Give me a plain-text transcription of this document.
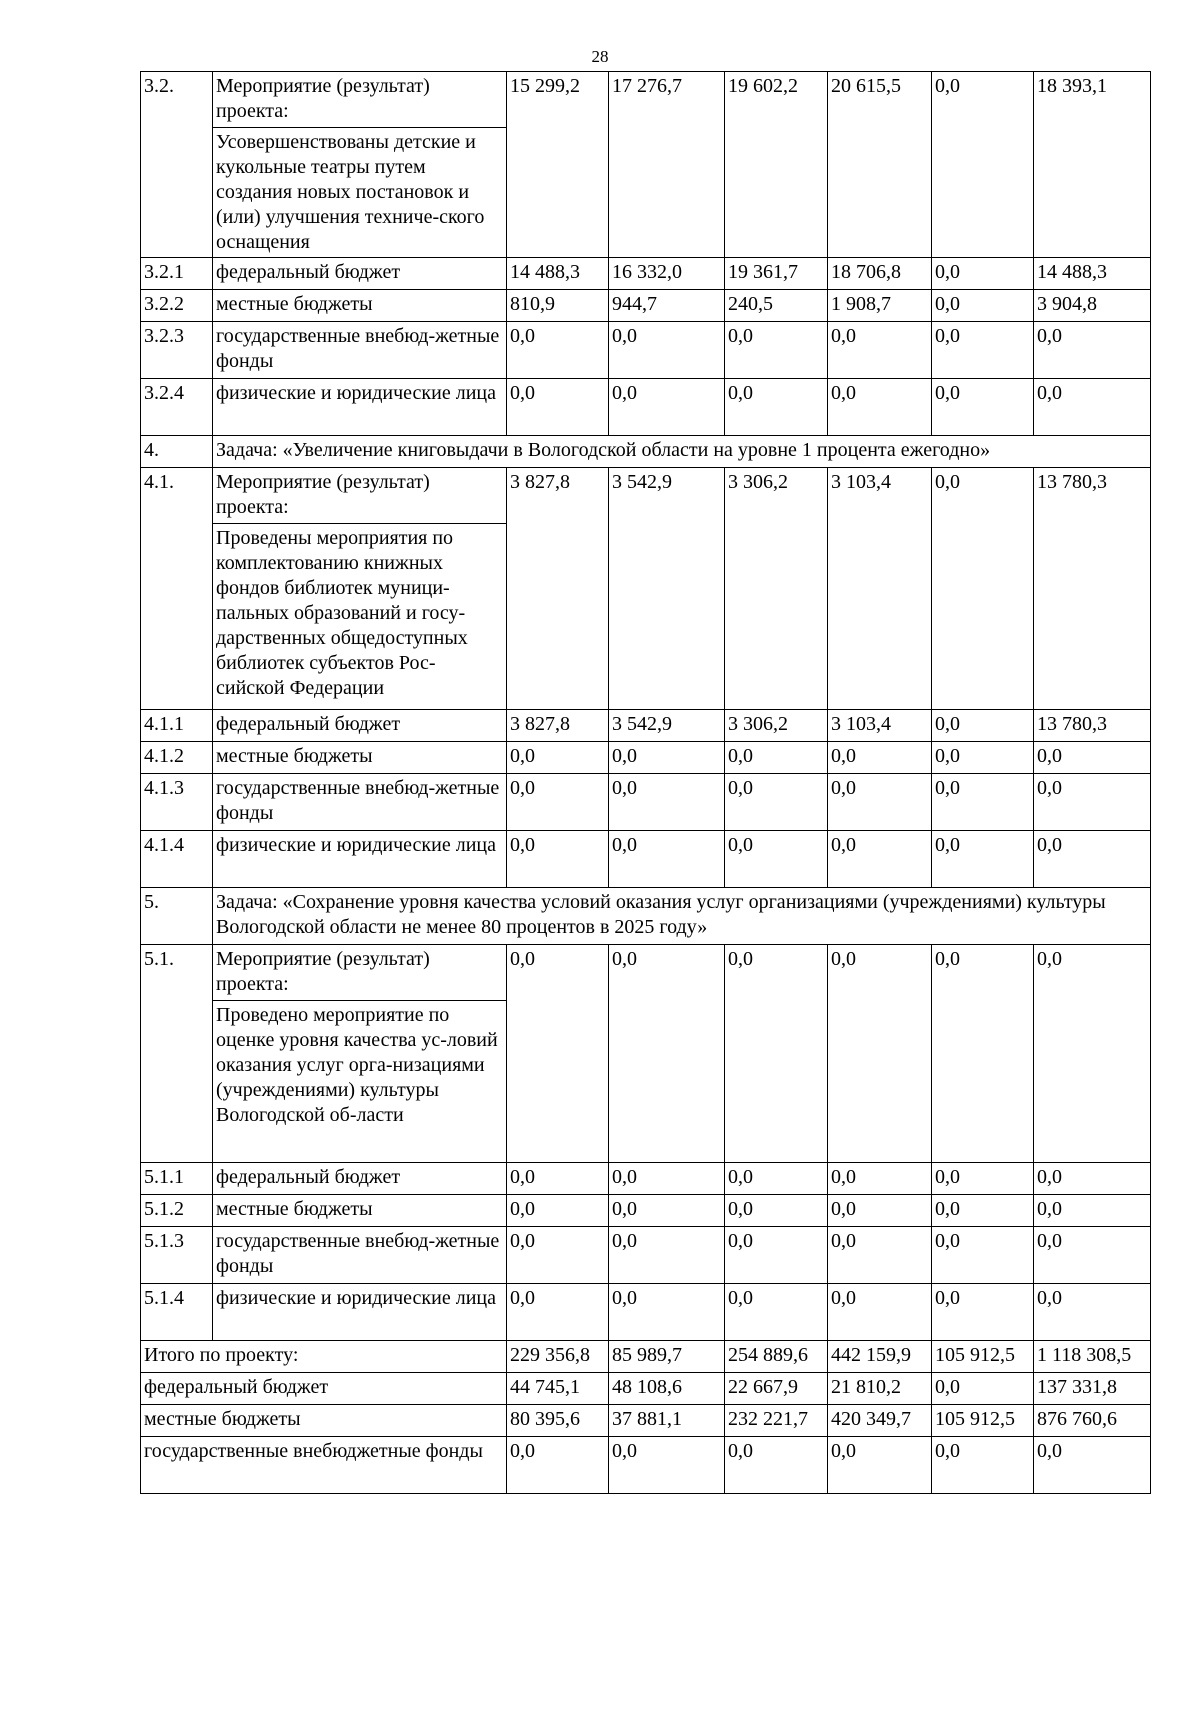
28
3.2.	Мероприятие (результат) проекта:	15 299,2	17 276,7	19 602,2	20 615,5	0,0	18 393,1
	Усовершенствованы детские и кукольные театры путем создания новых постановок и (или) улучшения техниче-ского оснащения						
3.2.1	федеральный бюджет	14 488,3	16 332,0	19 361,7	18 706,8	0,0	14 488,3
3.2.2	местные бюджеты	810,9	944,7	240,5	1 908,7	0,0	3 904,8
3.2.3	государственные внебюд-жетные фонды	0,0	0,0	0,0	0,0	0,0	0,0
3.2.4	физические и юридические лица	0,0	0,0	0,0	0,0	0,0	0,0
4.	Задача: «Увеличение книговыдачи в Вологодской области на уровне 1 процента ежегодно»						
4.1.	Мероприятие (результат) проекта:	3 827,8	3 542,9	3 306,2	3 103,4	0,0	13 780,3
	Проведены мероприятия по комплектованию книжных фондов библиотек муници-пальных образований и госу-дарственных общедоступных библиотек субъектов Рос-сийской Федерации						
4.1.1	федеральный бюджет	3 827,8	3 542,9	3 306,2	3 103,4	0,0	13 780,3
4.1.2	местные бюджеты	0,0	0,0	0,0	0,0	0,0	0,0
4.1.3	государственные внебюд-жетные фонды	0,0	0,0	0,0	0,0	0,0	0,0
4.1.4	физические и юридические лица	0,0	0,0	0,0	0,0	0,0	0,0
5.	Задача: «Сохранение уровня качества условий оказания услуг организациями (учреждениями) культуры Вологодской области не менее 80 процентов в 2025 году»						
5.1.	Мероприятие (результат) проекта:	0,0	0,0	0,0	0,0	0,0	0,0
	Проведено мероприятие по оценке уровня качества ус-ловий оказания услуг орга-низациями (учреждениями) культуры Вологодской об-ласти						
5.1.1	федеральный бюджет	0,0	0,0	0,0	0,0	0,0	0,0
5.1.2	местные бюджеты	0,0	0,0	0,0	0,0	0,0	0,0
5.1.3	государственные внебюд-жетные фонды	0,0	0,0	0,0	0,0	0,0	0,0
5.1.4	физические и юридические лица	0,0	0,0	0,0	0,0	0,0	0,0
Итого по проекту:		229 356,8	85 989,7	254 889,6	442 159,9	105 912,5	1 118 308,5
федеральный бюджет		44 745,1	48 108,6	22 667,9	21 810,2	0,0	137 331,8
местные бюджеты		80 395,6	37 881,1	232 221,7	420 349,7	105 912,5	876 760,6
государственные внебюджетные фонды		0,0	0,0	0,0	0,0	0,0	0,0
